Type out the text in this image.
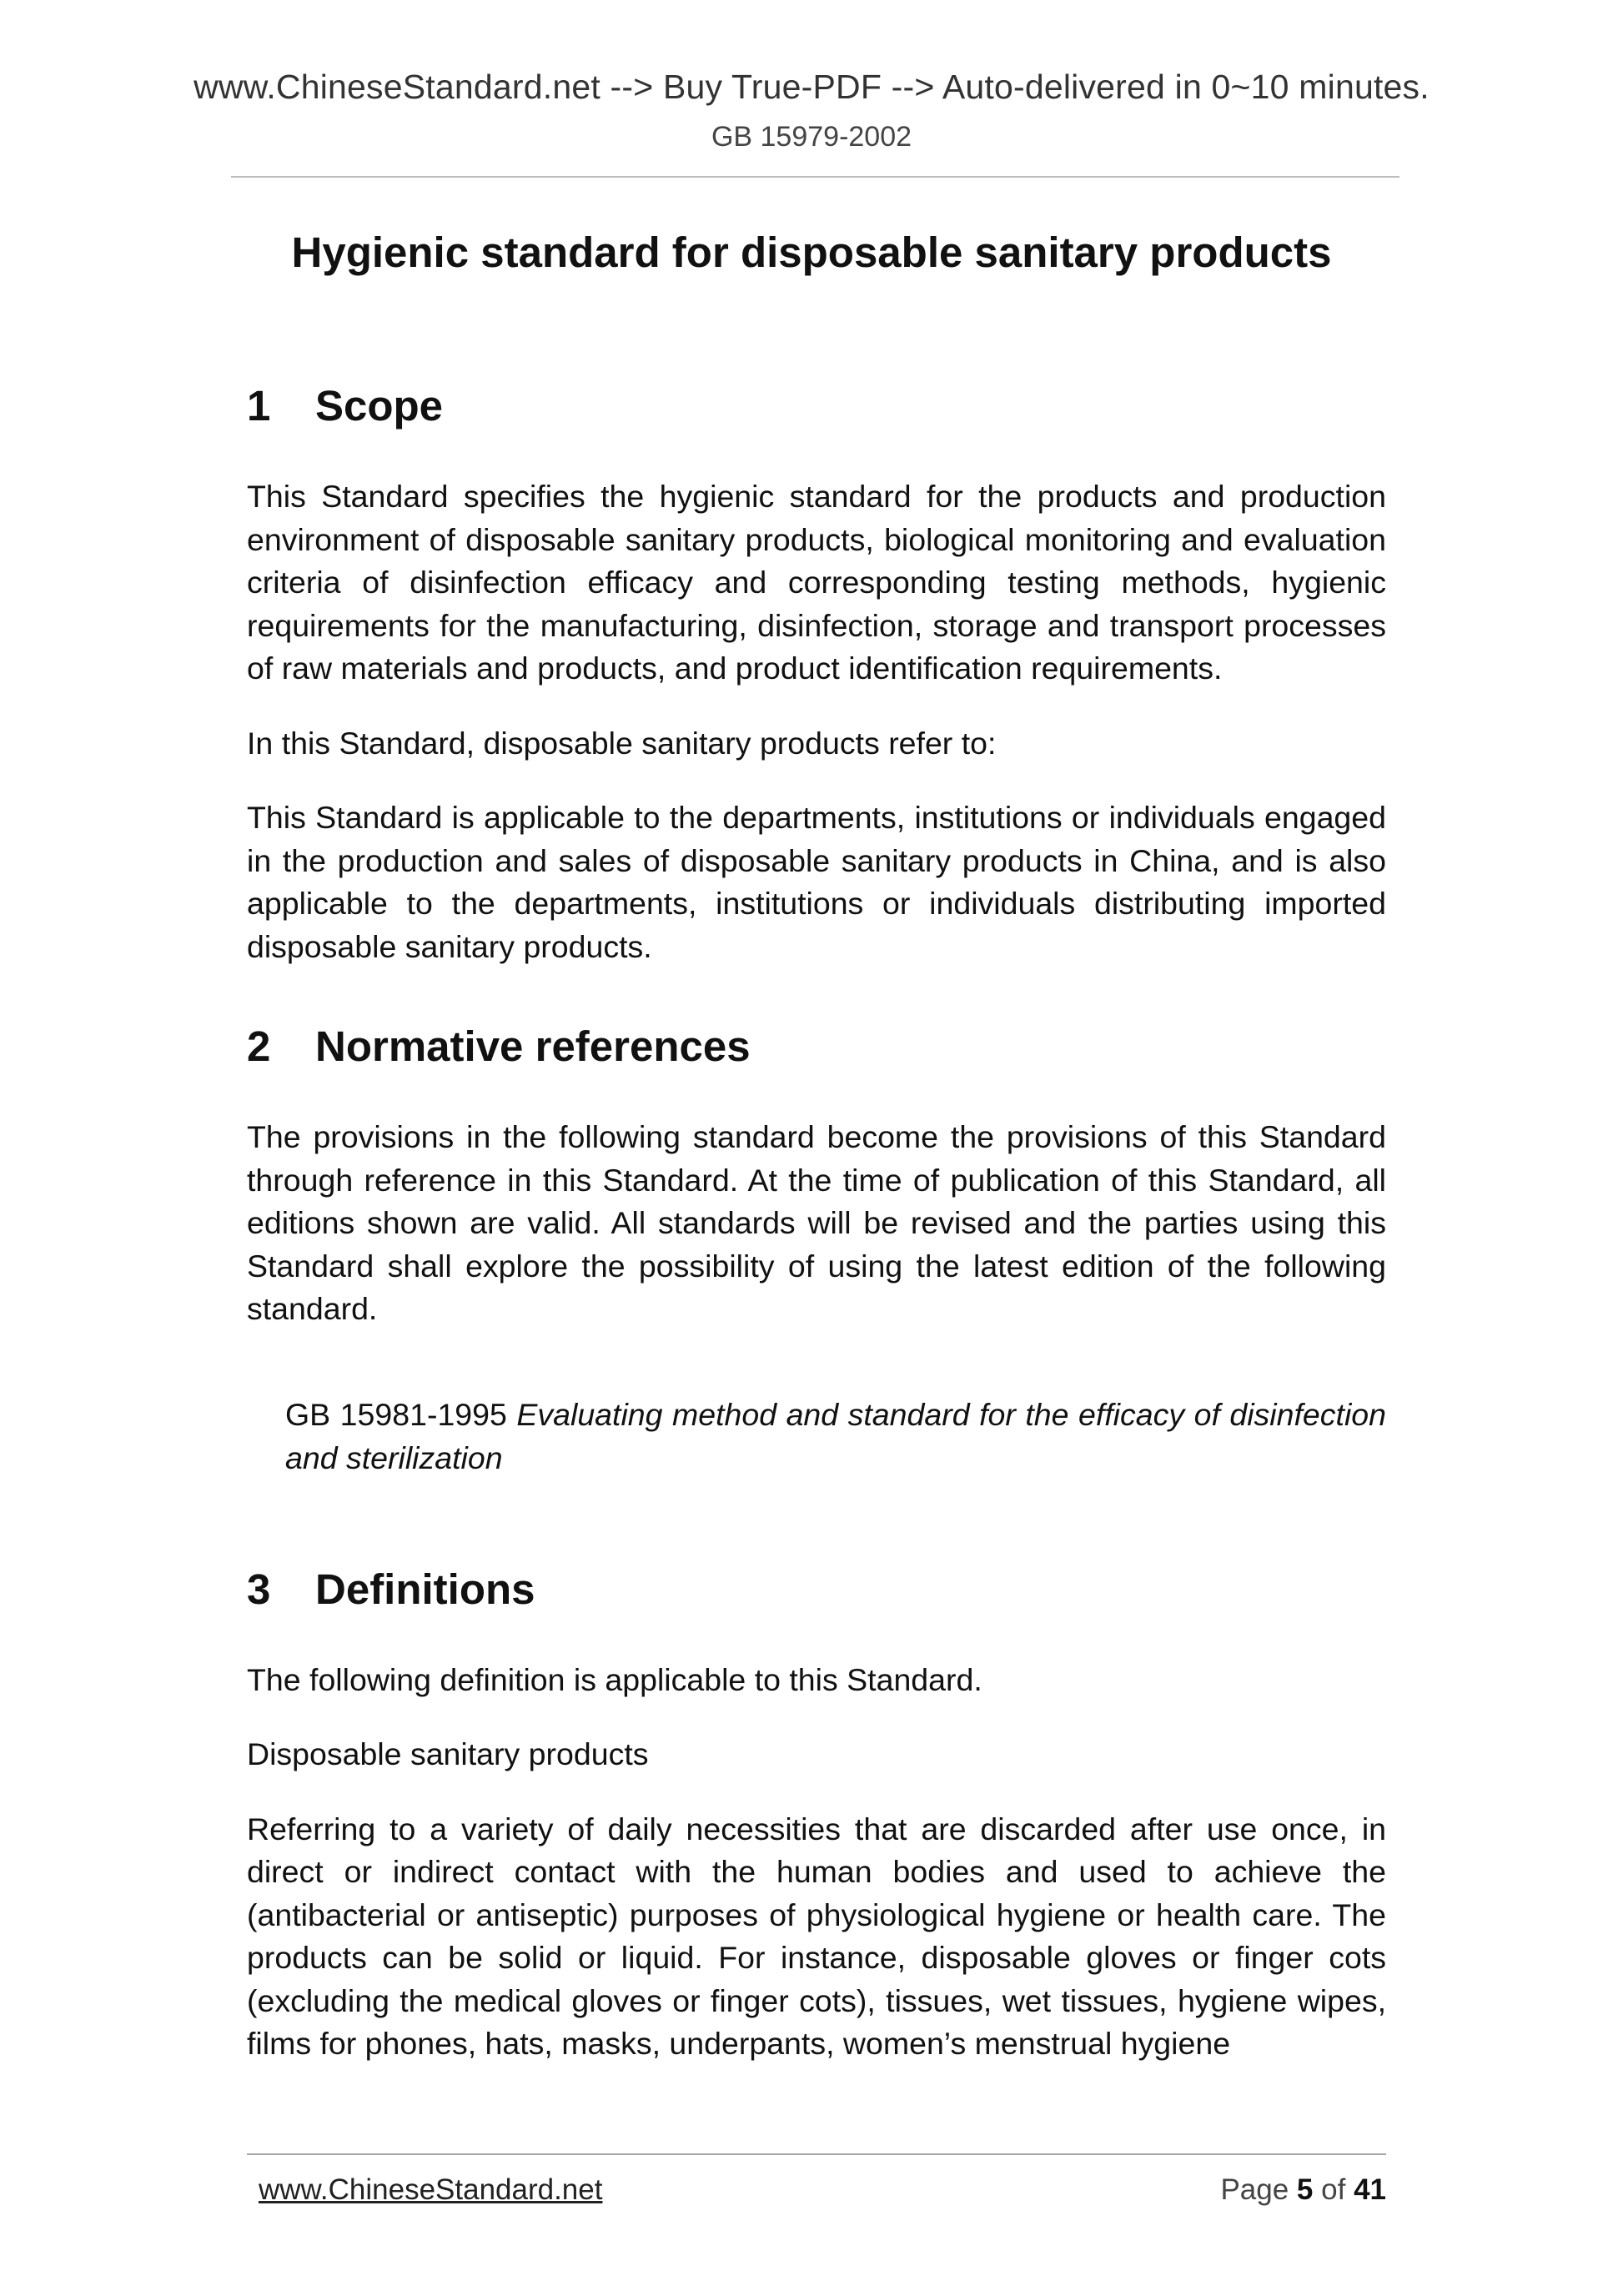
www.ChineseStandard.net --> Buy True-PDF --> Auto-delivered in 0~10 minutes.
GB 15979-2002
Hygienic standard for disposable sanitary products
1	Scope

This Standard specifies the hygienic standard for the products and production environment of disposable sanitary products, biological monitoring and evaluation criteria of disinfection efficacy and corresponding testing methods, hygienic requirements for the manufacturing, disinfection, storage and transport processes of raw materials and products, and product identification requirements.

In this Standard, disposable sanitary products refer to:

This Standard is applicable to the departments, institutions or individuals engaged in the production and sales of disposable sanitary products in China, and is also applicable to the departments, institutions or individuals distributing imported disposable sanitary products.

2	Normative references

The provisions in the following standard become the provisions of this Standard through reference in this Standard. At the time of publication of this Standard, all editions shown are valid. All standards will be revised and the parties using this Standard shall explore the possibility of using the latest edition of the following standard.

GB 15981-1995 Evaluating method and standard for the efficacy of disinfection and sterilization

3	Definitions

The following definition is applicable to this Standard.

Disposable sanitary products

Referring to a variety of daily necessities that are discarded after use once, in direct or indirect contact with the human bodies and used to achieve the (antibacterial or antiseptic) purposes of physiological hygiene or health care. The products can be solid or liquid. For instance, disposable gloves or finger cots (excluding the medical gloves or finger cots), tissues, wet tissues, hygiene wipes, films for phones, hats, masks, underpants, women’s menstrual hygiene

www.ChineseStandard.net	Page 5 of 41
